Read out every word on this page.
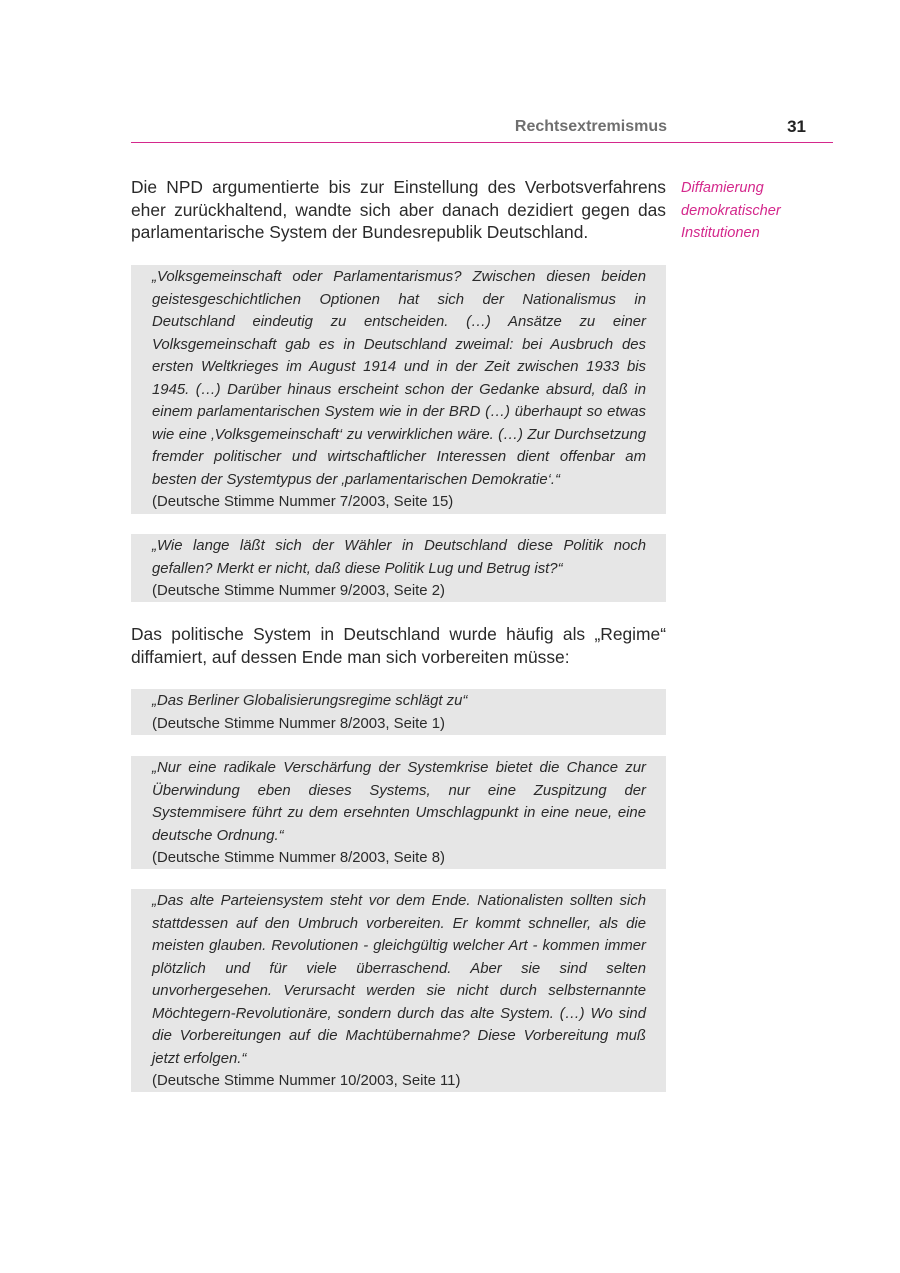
Rechtsextremismus	31

Die NPD argumentierte bis zur Einstellung des Verbotsverfahrens eher zurückhaltend, wandte sich aber danach dezidiert gegen das parlamentarische System der Bundesrepublik Deutschland.

Diffamierung
demokratischer
Institutionen
„Volksgemeinschaft oder Parlamentarismus? Zwischen diesen beiden geistesgeschichtlichen Optionen hat sich der Nationalismus in Deutschland eindeutig zu entscheiden. (…) Ansätze zu einer Volksgemeinschaft gab es in Deutschland zweimal: bei Ausbruch des ersten Weltkrieges im August 1914 und in der Zeit zwischen 1933 bis 1945. (…) Darüber hinaus erscheint schon der Gedanke absurd, daß in einem parlamentarischen System wie in der BRD (…) überhaupt so etwas wie eine ‚Volksgemeinschaft‘ zu verwirklichen wäre. (…) Zur Durchsetzung fremder politischer und wirtschaftlicher Interessen dient offenbar am besten der Systemtypus der ‚parlamentarischen Demokratie‘.“
(Deutsche Stimme Nummer 7/2003, Seite 15)
„Wie lange läßt sich der Wähler in Deutschland diese Politik noch gefallen? Merkt er nicht, daß diese Politik Lug und Betrug ist?“
(Deutsche Stimme Nummer 9/2003, Seite 2)

Das politische System in Deutschland wurde häufig als „Regime“ diffamiert, auf dessen Ende man sich vorbereiten müsse:

„Das Berliner Globalisierungsregime schlägt zu“
(Deutsche Stimme Nummer 8/2003, Seite 1)
„Nur eine radikale Verschärfung der Systemkrise bietet die Chance zur Überwindung eben dieses Systems, nur eine Zuspitzung der Systemmisere führt zu dem ersehnten Umschlagpunkt in eine neue, eine deutsche Ordnung.“
(Deutsche Stimme Nummer 8/2003, Seite 8)
„Das alte Parteiensystem steht vor dem Ende. Nationalisten sollten sich stattdessen auf den Umbruch vorbereiten. Er kommt schneller, als die meisten glauben. Revolutionen - gleichgültig welcher Art - kommen immer plötzlich und für viele überraschend. Aber sie sind selten unvorhergesehen. Verursacht werden sie nicht durch selbsternannte Möchtegern-Revolutionäre, sondern durch das alte System. (…) Wo sind die Vorbereitungen auf die Machtübernahme? Diese Vorbereitung muß jetzt erfolgen.“
(Deutsche Stimme Nummer 10/2003, Seite 11)
